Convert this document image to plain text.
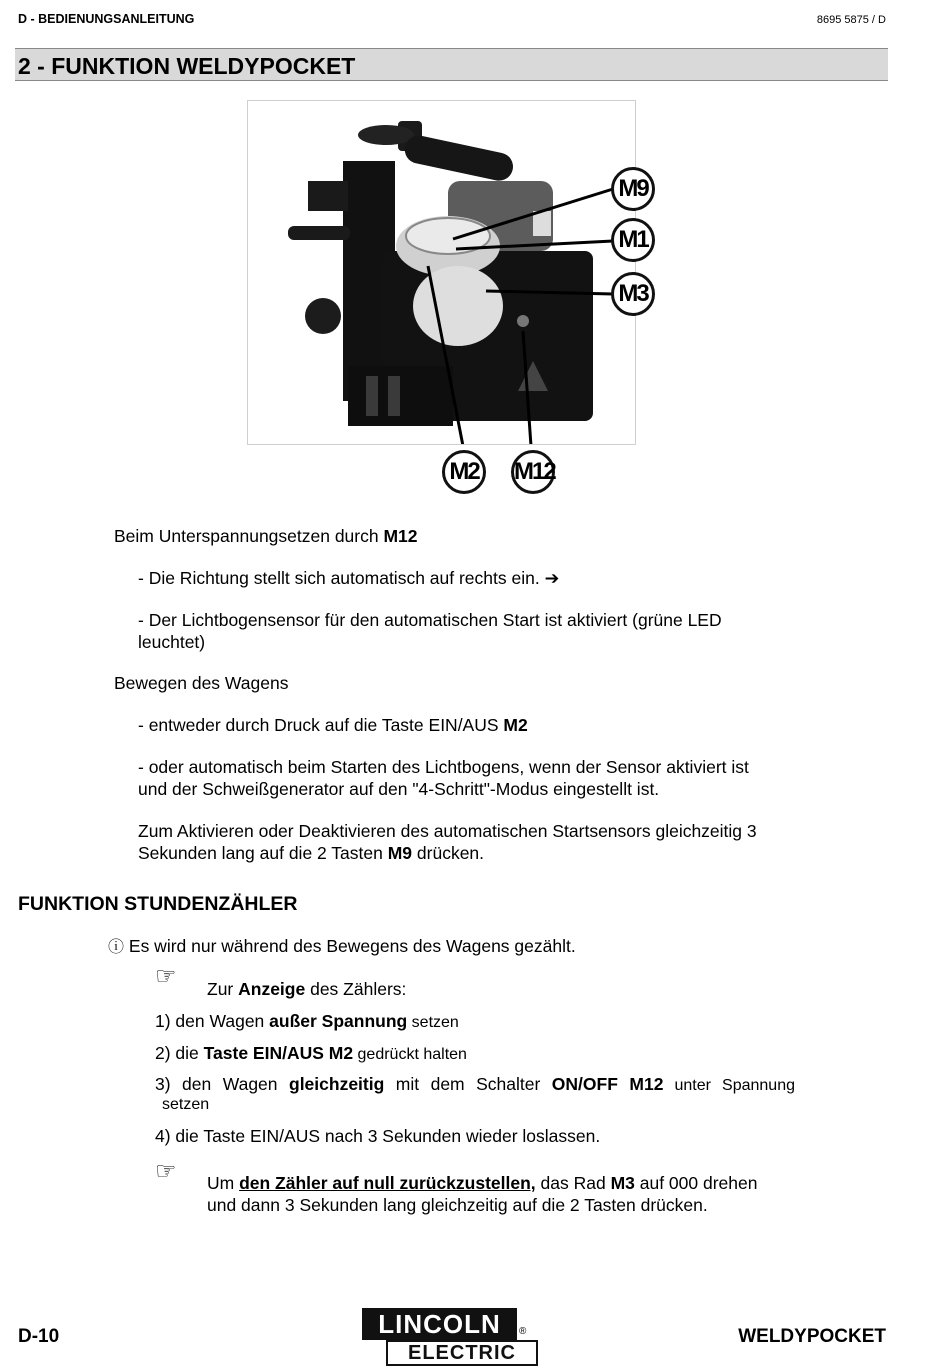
D - BEDIENUNGSANLEITUNG	8695 5875 / D
2 - FUNKTION WELDYPOCKET
M9
M1
M3
M2	M12
Beim Unterspannungsetzen durch M12
- Die Richtung stellt sich automatisch auf rechts ein. ➔
- Der Lichtbogensensor für den automatischen Start ist aktiviert (grüne LED
leuchtet)
Bewegen des Wagens
- entweder durch Druck auf die Taste EIN/AUS M2
- oder automatisch beim Starten des Lichtbogens, wenn der Sensor aktiviert ist
und der Schweißgenerator auf den "4-Schritt"-Modus eingestellt ist.
Zum Aktivieren oder Deaktivieren des automatischen Startsensors gleichzeitig 3
Sekunden lang auf die 2 Tasten M9 drücken.
FUNKTION STUNDENZÄHLER
ⓘ Es wird nur während des Bewegens des Wagens gezählt.
☞ Zur Anzeige des Zählers:
1) den Wagen außer Spannung setzen
2) die Taste EIN/AUS M2 gedrückt halten
3) den Wagen gleichzeitig mit dem Schalter ON/OFF M12 unter Spannung
setzen
4) die Taste EIN/AUS nach 3 Sekunden wieder loslassen.
☞ Um den Zähler auf null zurückzustellen, das Rad M3 auf 000 drehen
und dann 3 Sekunden lang gleichzeitig auf die 2 Tasten drücken.
D-10	LINCOLN	®
ELECTRIC
WELDYPOCKET
